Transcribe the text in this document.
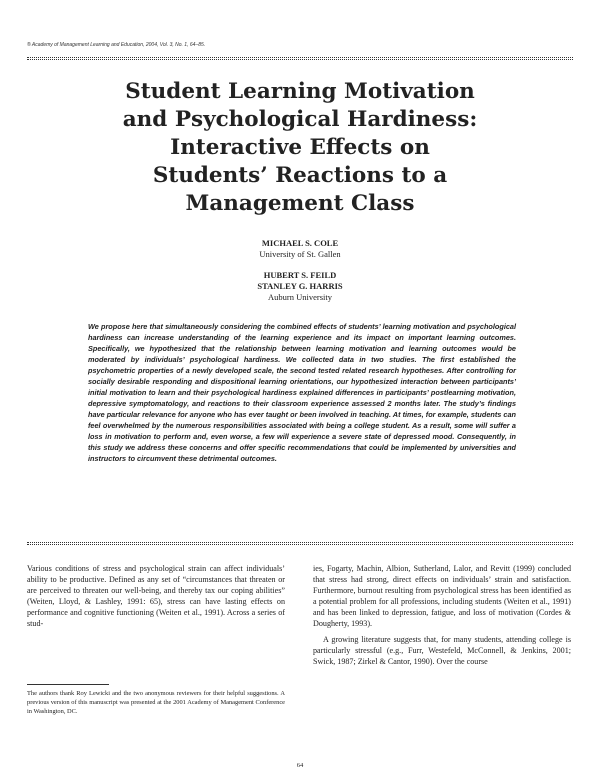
® Academy of Management Learning and Education, 2004, Vol. 3, No. 1, 64–85.
Student Learning Motivation
and Psychological Hardiness:
Interactive Effects on
Students’ Reactions to a
Management Class
MICHAEL S. COLE
University of St. Gallen
HUBERT S. FEILD
STANLEY G. HARRIS
Auburn University

We propose here that simultaneously considering the combined effects of students’ learning motivation and psychological hardiness can increase understanding of the learning experience and its impact on important learning outcomes. Specifically, we hypothesized that the relationship between learning motivation and learning outcomes would be moderated by individuals’ psychological hardiness. We collected data in two studies. The first established the psychometric properties of a newly developed scale, the second tested related research hypotheses. After controlling for socially desirable responding and dispositional learning orientations, our hypothesized interaction between participants’ initial motivation to learn and their psychological hardiness explained differences in participants’ postlearning motivation, depressive symptomatology, and reactions to their classroom experience assessed 2 months later. The study’s findings have particular relevance for anyone who has ever taught or been involved in teaching. At times, for example, students can feel overwhelmed by the numerous responsibilities associated with being a college student. As a result, some will suffer a loss in motivation to perform and, even worse, a few will experience a severe state of depressed mood. Consequently, in this study we address these concerns and offer specific recommendations that could be implemented by universities and instructors to circumvent these detrimental outcomes.

Various conditions of stress and psychological strain can affect individuals’ ability to be productive. Defined as any set of “circumstances that threaten or are perceived to threaten our well-being, and thereby tax our coping abilities” (Weiten, Lloyd, & Lashley, 1991: 65), stress can have lasting effects on performance and cognitive functioning (Weiten et al., 1991). Across a series of stud-

ies, Fogarty, Machin, Albion, Sutherland, Lalor, and Revitt (1999) concluded that stress had strong, direct effects on individuals’ strain and satisfaction. Furthermore, burnout resulting from psychological stress has been identified as a potential problem for all professions, including students (Weiten et al., 1991) and has been linked to depression, fatigue, and loss of motivation (Cordes & Dougherty, 1993).

A growing literature suggests that, for many students, attending college is particularly stressful (e.g., Furr, Westefeld, McConnell, & Jenkins, 2001; Swick, 1987; Zirkel & Cantor, 1990). Over the course

The authors thank Roy Lewicki and the two anonymous reviewers for their helpful suggestions. A previous version of this manuscript was presented at the 2001 Academy of Management Conference in Washington, DC.

64
